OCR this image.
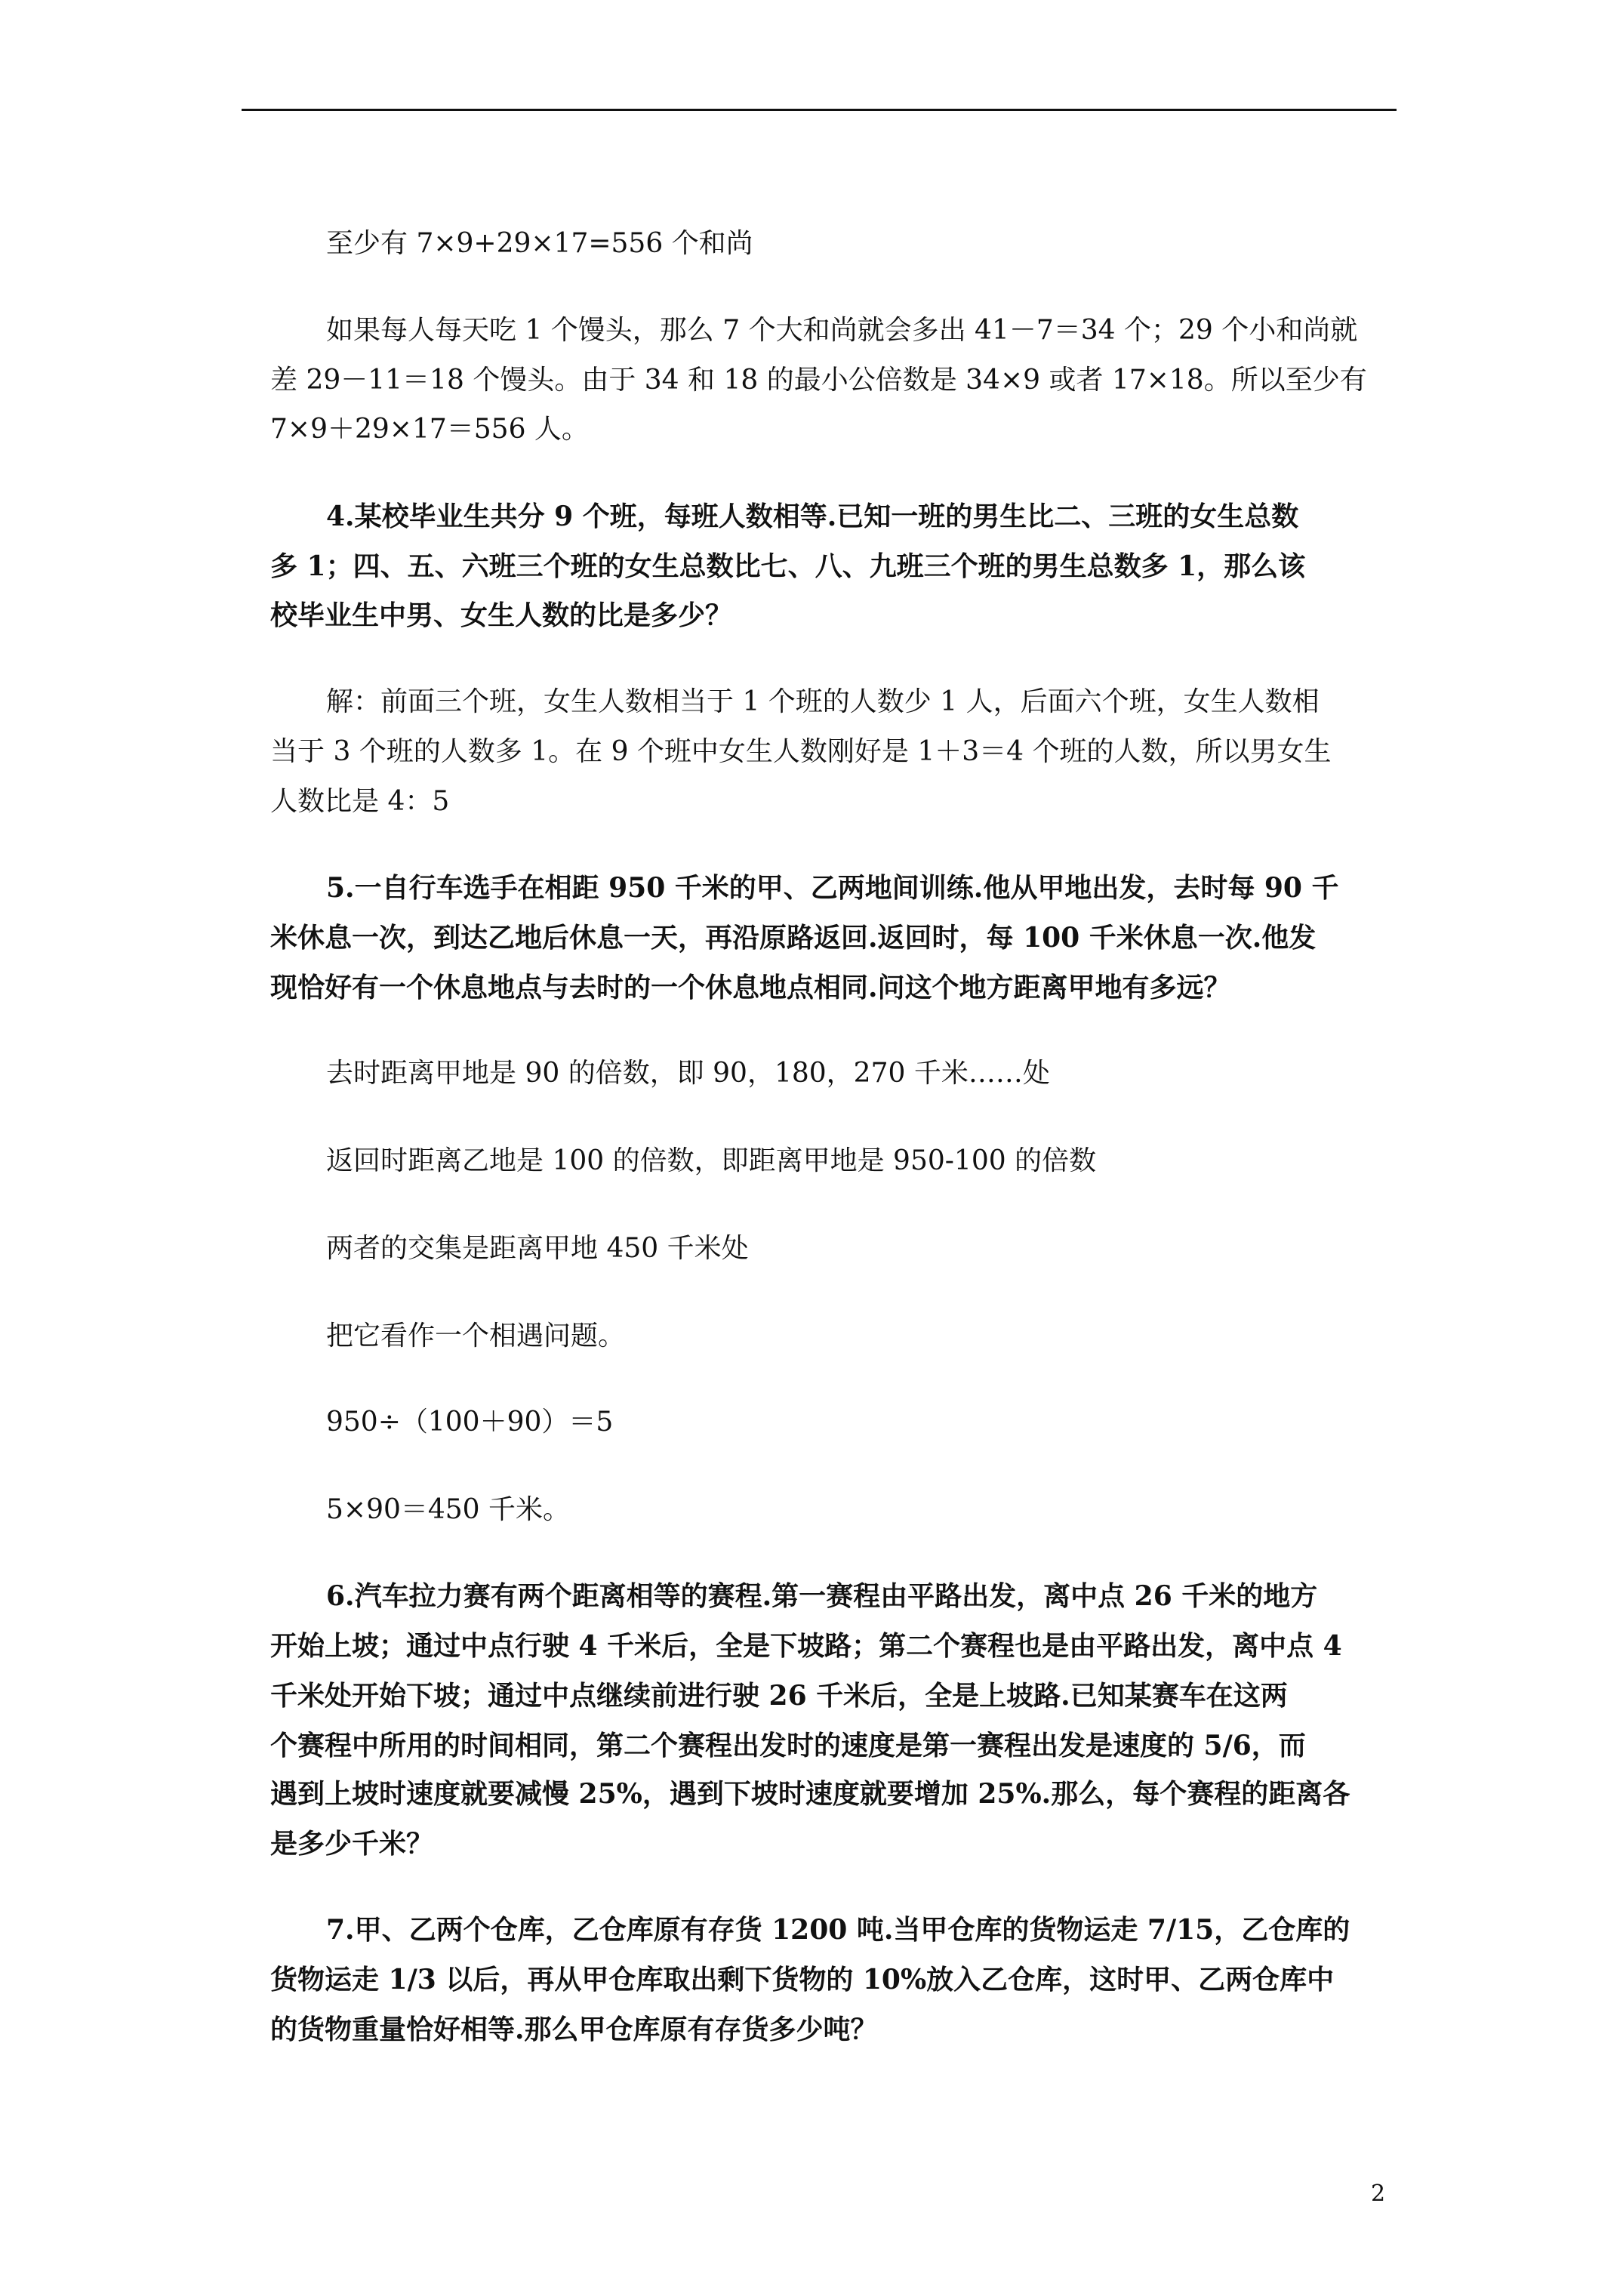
至少有 7×9+29×17=556 个和尚

如果每人每天吃 1 个馒头，那么 7 个大和尚就会多出 41－7＝34 个；29 个小和尚就

差 29－11＝18 个馒头。由于 34 和 18 的最小公倍数是 34×9 或者 17×18。所以至少有

7×9＋29×17＝556 人。

4.某校毕业生共分 9 个班，每班人数相等.已知一班的男生比二、三班的女生总数

多 1；四、五、六班三个班的女生总数比七、八、九班三个班的男生总数多 1，那么该

校毕业生中男、女生人数的比是多少？

解：前面三个班，女生人数相当于 1 个班的人数少 1 人，后面六个班，女生人数相

当于 3 个班的人数多 1。在 9 个班中女生人数刚好是 1＋3＝4 个班的人数，所以男女生

人数比是 4：5

5.一自行车选手在相距 950 千米的甲、乙两地间训练.他从甲地出发，去时每 90 千

米休息一次，到达乙地后休息一天，再沿原路返回.返回时，每 100 千米休息一次.他发

现恰好有一个休息地点与去时的一个休息地点相同.问这个地方距离甲地有多远？

去时距离甲地是 90 的倍数，即 90，180，270 千米……处

返回时距离乙地是 100 的倍数，即距离甲地是 950-100 的倍数

两者的交集是距离甲地 450 千米处

把它看作一个相遇问题。

950÷（100＋90）＝5

5×90＝450 千米。

6.汽车拉力赛有两个距离相等的赛程.第一赛程由平路出发，离中点 26 千米的地方

开始上坡；通过中点行驶 4 千米后，全是下坡路；第二个赛程也是由平路出发，离中点 4

千米处开始下坡；通过中点继续前进行驶 26 千米后，全是上坡路.已知某赛车在这两

个赛程中所用的时间相同，第二个赛程出发时的速度是第一赛程出发是速度的 5/6，而

遇到上坡时速度就要减慢 25%，遇到下坡时速度就要增加 25%.那么，每个赛程的距离各

是多少千米？

7.甲、乙两个仓库，乙仓库原有存货 1200 吨.当甲仓库的货物运走 7/15，乙仓库的

货物运走 1/3 以后，再从甲仓库取出剩下货物的 10%放入乙仓库，这时甲、乙两仓库中

的货物重量恰好相等.那么甲仓库原有存货多少吨？

2
